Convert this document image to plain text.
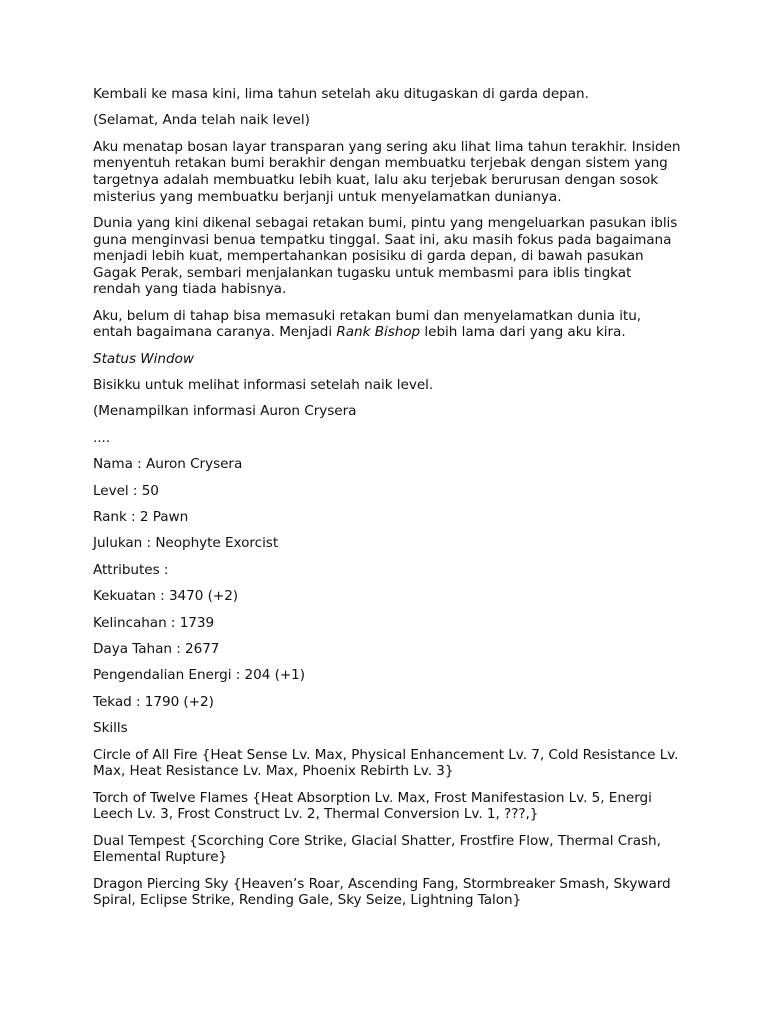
Kembali ke masa kini, lima tahun setelah aku ditugaskan di garda depan.

(Selamat, Anda telah naik level)

Aku menatap bosan layar transparan yang sering aku lihat lima tahun terakhir. Insiden menyentuh retakan bumi berakhir dengan membuatku terjebak dengan sistem yang targetnya adalah membuatku lebih kuat, lalu aku terjebak berurusan dengan sosok misterius yang membuatku berjanji untuk menyelamatkan dunianya.

Dunia yang kini dikenal sebagai retakan bumi, pintu yang mengeluarkan pasukan iblis guna menginvasi benua tempatku tinggal. Saat ini, aku masih fokus pada bagaimana menjadi lebih kuat, mempertahankan posisiku di garda depan, di bawah pasukan Gagak Perak, sembari menjalankan tugasku untuk membasmi para iblis tingkat rendah yang tiada habisnya.

Aku, belum di tahap bisa memasuki retakan bumi dan menyelamatkan dunia itu, entah bagaimana caranya. Menjadi Rank Bishop lebih lama dari yang aku kira.

Status Window

Bisikku untuk melihat informasi setelah naik level.

(Menampilkan informasi Auron Crysera

....

Nama : Auron Crysera

Level : 50

Rank : 2 Pawn

Julukan : Neophyte Exorcist

Attributes :

Kekuatan : 3470 (+2)

Kelincahan : 1739

Daya Tahan : 2677

Pengendalian Energi : 204 (+1)

Tekad : 1790 (+2)

Skills

Circle of All Fire {Heat Sense Lv. Max, Physical Enhancement Lv. 7, Cold Resistance Lv. Max, Heat Resistance Lv. Max, Phoenix Rebirth Lv. 3}

Torch of Twelve Flames {Heat Absorption Lv. Max, Frost Manifestasion Lv. 5, Energi Leech Lv. 3, Frost Construct Lv. 2, Thermal Conversion Lv. 1, ???,}

Dual Tempest {Scorching Core Strike, Glacial Shatter, Frostfire Flow, Thermal Crash, Elemental Rupture}

Dragon Piercing Sky {Heaven’s Roar, Ascending Fang, Stormbreaker Smash, Skyward Spiral, Eclipse Strike, Rending Gale, Sky Seize, Lightning Talon}
